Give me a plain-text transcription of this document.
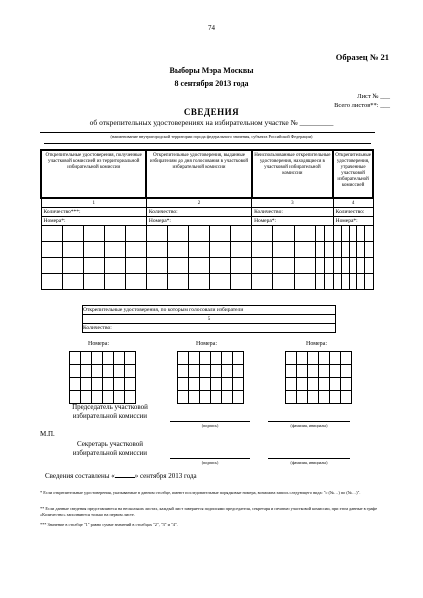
74
Образец № 21
Выборы Мэра Москвы
8 сентября 2013 года
Лист № ___
Всего листов**: ___
СВЕДЕНИЯ
об открепительных удостоверениях на избирательном участке № _________
(наименование внутригородской территории города федерального значения, субъекта Российской Федерации)
Открепительные удостоверения, полученные участковой комиссией из территориальной избирательной комиссии					Открепительные удостоверения, выданные избирателям до дня голосования в участковой избирательной комиссии					Неиспользованные открепительные удостоверения, находящиеся в участковой избирательной комиссии					Открепительные удостоверения, утраченные участковой избирательной комиссией				
1					2					3					4				
Количество***:					Количество:					Количество:					Количество:				
Номера*:					Номера*:					Номера*:					Номера*:				

Открепительные удостоверения, по которым голосовали избиратели
5
Количество:
Номера:	Номера:	Номера:

Председатель участковой избирательной комиссии
(подпись)	(фамилия, инициалы)
М.П.
Секретарь участковой избирательной комиссии
(подпись)	(фамилия, инициалы)
Сведения составлены «	» сентября 2013 года
* Если открепительные удостоверения, указываемые в данном столбце, имеют последовательные порядковые номера, возможна запись следующего вида: "с (№…) по (№…)".
** Если данные сведения представляются на нескольких листах, каждый лист заверяется подписями председателя, секретаря и печатью участковой комиссии, при этом данные в графе «Количество» заполняются только на первом листе.
*** Значение в столбце "1" равно сумме значений в столбцах "2", "3" и "4".
